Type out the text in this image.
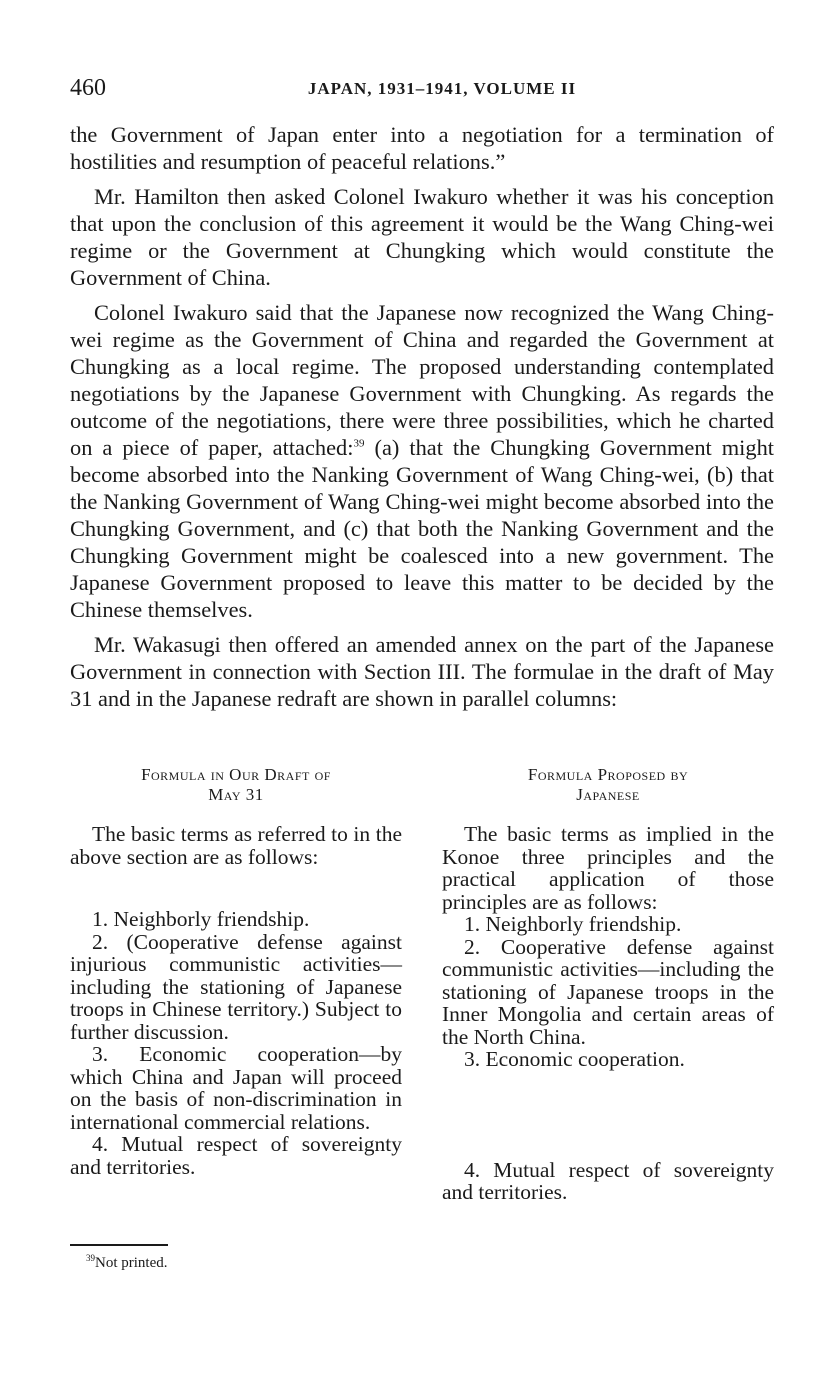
460	JAPAN, 1931–1941, VOLUME II

the Government of Japan enter into a negotiation for a termination of hostilities and resumption of peaceful relations.”

Mr. Hamilton then asked Colonel Iwakuro whether it was his conception that upon the conclusion of this agreement it would be the Wang Ching-wei regime or the Government at Chungking which would constitute the Government of China.

Colonel Iwakuro said that the Japanese now recognized the Wang Ching-wei regime as the Government of China and regarded the Government at Chungking as a local regime. The proposed understanding contemplated negotiations by the Japanese Government with Chungking. As regards the outcome of the negotiations, there were three possibilities, which he charted on a piece of paper, attached:$^{39}$ (a) that the Chungking Government might become absorbed into the Nanking Government of Wang Ching-wei, (b) that the Nanking Government of Wang Ching-wei might become absorbed into the Chungking Government, and (c) that both the Nanking Government and the Chungking Government might be coalesced into a new government. The Japanese Government proposed to leave this matter to be decided by the Chinese themselves.

Mr. Wakasugi then offered an amended annex on the part of the Japanese Government in connection with Section III. The formulae in the draft of May 31 and in the Japanese redraft are shown in parallel columns:

Formula in Our Draft of
May 31

The basic terms as referred to in the above section are as follows:

1. Neighborly friendship.

2. (Cooperative defense against injurious communistic activities—including the stationing of Japanese troops in Chinese territory.) Subject to further discussion.

3. Economic cooperation—by which China and Japan will proceed on the basis of non-discrimination in international commercial relations.

4. Mutual respect of sovereignty and territories.

Formula Proposed by
Japanese

The basic terms as implied in the Konoe three principles and the practical application of those principles are as follows:

1. Neighborly friendship.

2. Cooperative defense against communistic activities—including the stationing of Japanese troops in the Inner Mongolia and certain areas of the North China.

3. Economic cooperation.

4. Mutual respect of sovereignty and territories.

$^{39}$Not printed.
